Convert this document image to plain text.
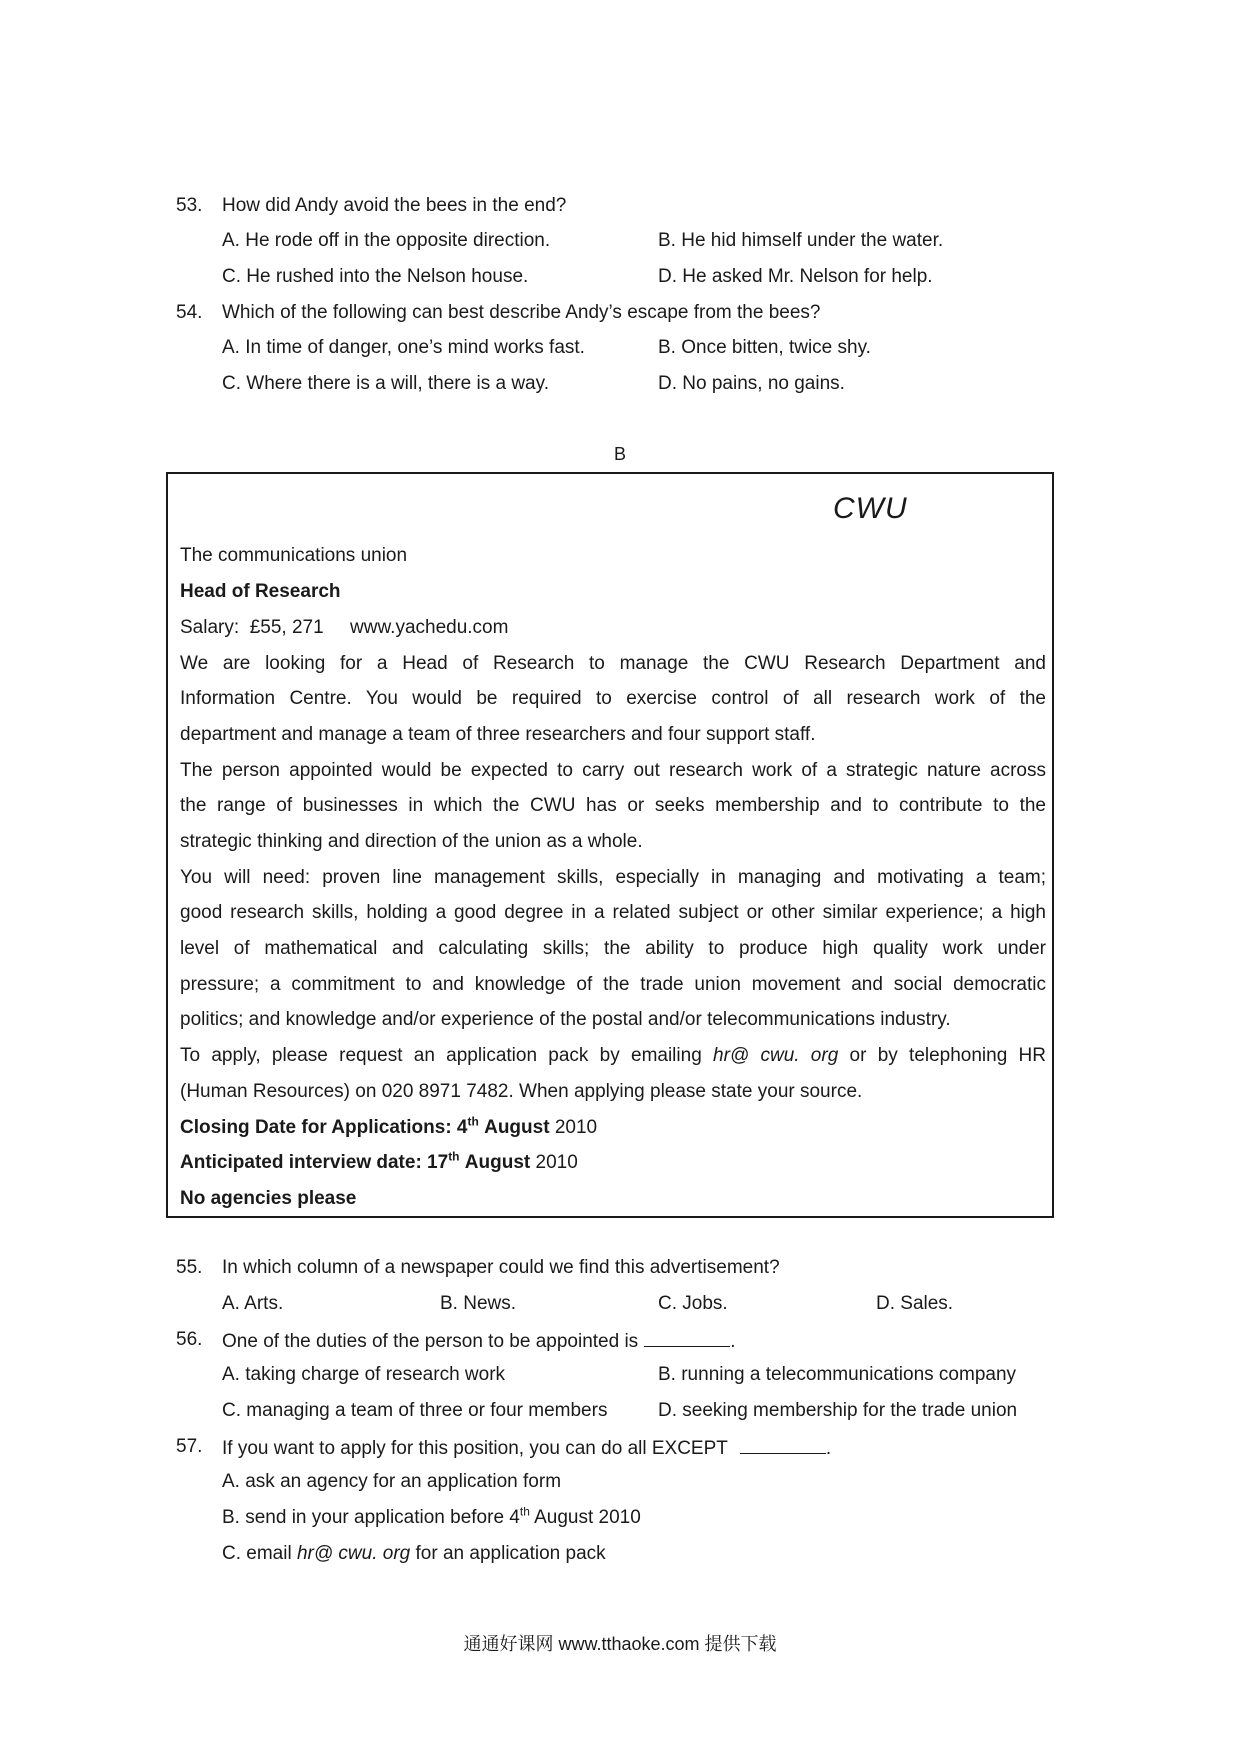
53. How did Andy avoid the bees in the end?
A. He rode off in the opposite direction.	B. He hid himself under the water.
C. He rushed into the Nelson house.	D. He asked Mr. Nelson for help.
54. Which of the following can best describe Andy’s escape from the bees?
A. In time of danger, one’s mind works fast.	B. Once bitten, twice shy.
C. Where there is a will, there is a way.	D. No pains, no gains.
B
CWU
The communications union
Head of Research
Salary:  £55, 271     www.yachedu.com
We are looking for a Head of Research to manage the CWU Research Department and
Information Centre. You would be required to exercise control of all research work of the
department and manage a team of three researchers and four support staff.
The person appointed would be expected to carry out research work of a strategic nature across
the range of businesses in which the CWU has or seeks membership and to contribute to the
strategic thinking and direction of the union as a whole.
You will need: proven line management skills, especially in managing and motivating a team;
good research skills, holding a good degree in a related subject or other similar experience; a high
level of mathematical and calculating skills; the ability to produce high quality work under
pressure; a commitment to and knowledge of the trade union movement and social democratic
politics; and knowledge and/or experience of the postal and/or telecommunications industry.
To apply, please request an application pack by emailing hr@ cwu. org or by telephoning HR
(Human Resources) on 020 8971 7482. When applying please state your source.
Closing Date for Applications: 4th August 2010
Anticipated interview date: 17th August 2010
No agencies please
55. In which column of a newspaper could we find this advertisement?
A. Arts.	B. News.	C. Jobs.	D. Sales.
56. One of the duties of the person to be appointed is	.
A. taking charge of research work	B. running a telecommunications company
C. managing a team of three or four members	D. seeking membership for the trade union
57. If you want to apply for this position, you can do all EXCEPT	.
A. ask an agency for an application form
B. send in your application before 4th August 2010
C. email hr@ cwu. org for an application pack
通通好课网 www.tthaoke.com 提供下载
